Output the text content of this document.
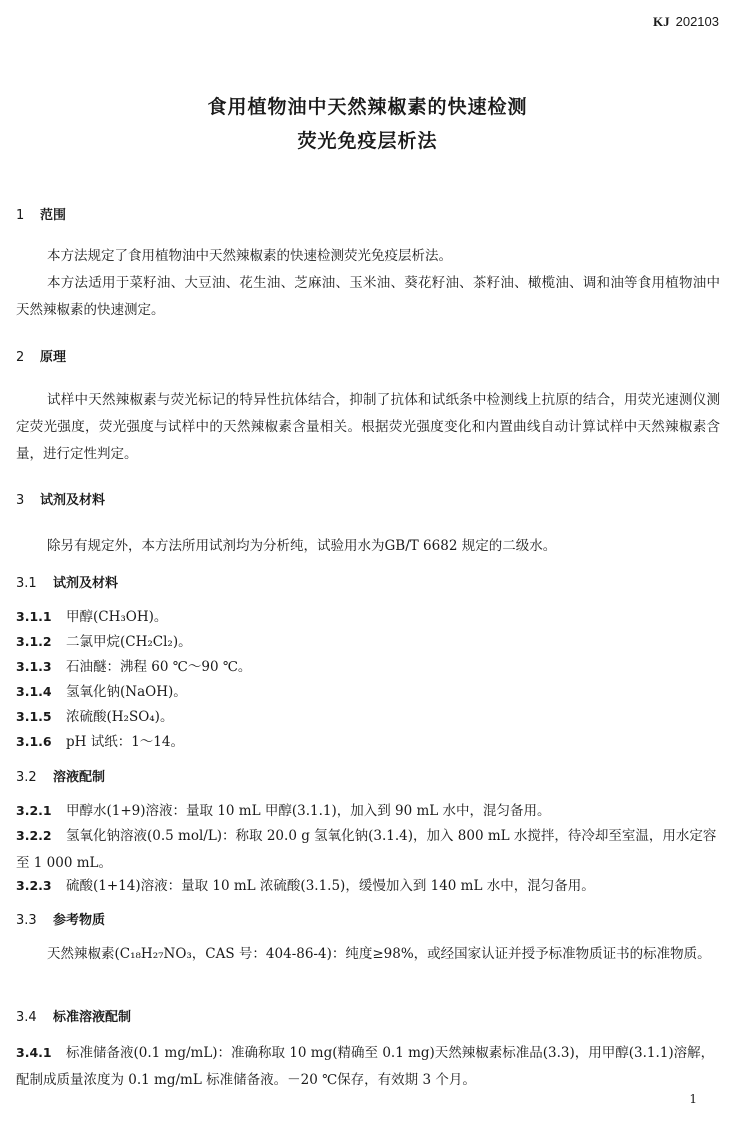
KJ 202103
食用植物油中天然辣椒素的快速检测
荧光免疫层析法
1 范围
本方法规定了食用植物油中天然辣椒素的快速检测荧光免疫层析法。
本方法适用于菜籽油、大豆油、花生油、芝麻油、玉米油、葵花籽油、茶籽油、橄榄油、调和油等食用植物油中天然辣椒素的快速测定。
2 原理
试样中天然辣椒素与荧光标记的特异性抗体结合，抑制了抗体和试纸条中检测线上抗原的结合，用荧光速测仪测定荧光强度，荧光强度与试样中的天然辣椒素含量相关。根据荧光强度变化和内置曲线自动计算试样中天然辣椒素含量，进行定性判定。
3 试剂及材料
除另有规定外，本方法所用试剂均为分析纯，试验用水为GB/T 6682 规定的二级水。
3.1 试剂及材料
3.1.1 甲醇(CH₃OH)。
3.1.2 二氯甲烷(CH₂Cl₂)。
3.1.3 石油醚：沸程 60 ℃～90 ℃。
3.1.4 氢氧化钠(NaOH)。
3.1.5 浓硫酸(H₂SO₄)。
3.1.6 pH 试纸：1～14。
3.2 溶液配制
3.2.1 甲醇水(1+9)溶液：量取 10 mL 甲醇(3.1.1)，加入到 90 mL 水中，混匀备用。
3.2.2 氢氧化钠溶液(0.5 mol/L)：称取 20.0 g 氢氧化钠(3.1.4)，加入 800 mL 水搅拌，待冷却至室温，用水定容至 1 000 mL。
3.2.3 硫酸(1+14)溶液：量取 10 mL 浓硫酸(3.1.5)，缓慢加入到 140 mL 水中，混匀备用。
3.3 参考物质
天然辣椒素(C₁₈H₂₇NO₃，CAS 号：404-86-4)：纯度≥98%，或经国家认证并授予标准物质证书的标准物质。
3.4 标准溶液配制
3.4.1 标准储备液(0.1 mg/mL)：准确称取 10 mg(精确至 0.1 mg)天然辣椒素标准品(3.3)，用甲醇(3.1.1)溶解，配制成质量浓度为 0.1 mg/mL 标准储备液。－20 ℃保存，有效期 3 个月。
1
